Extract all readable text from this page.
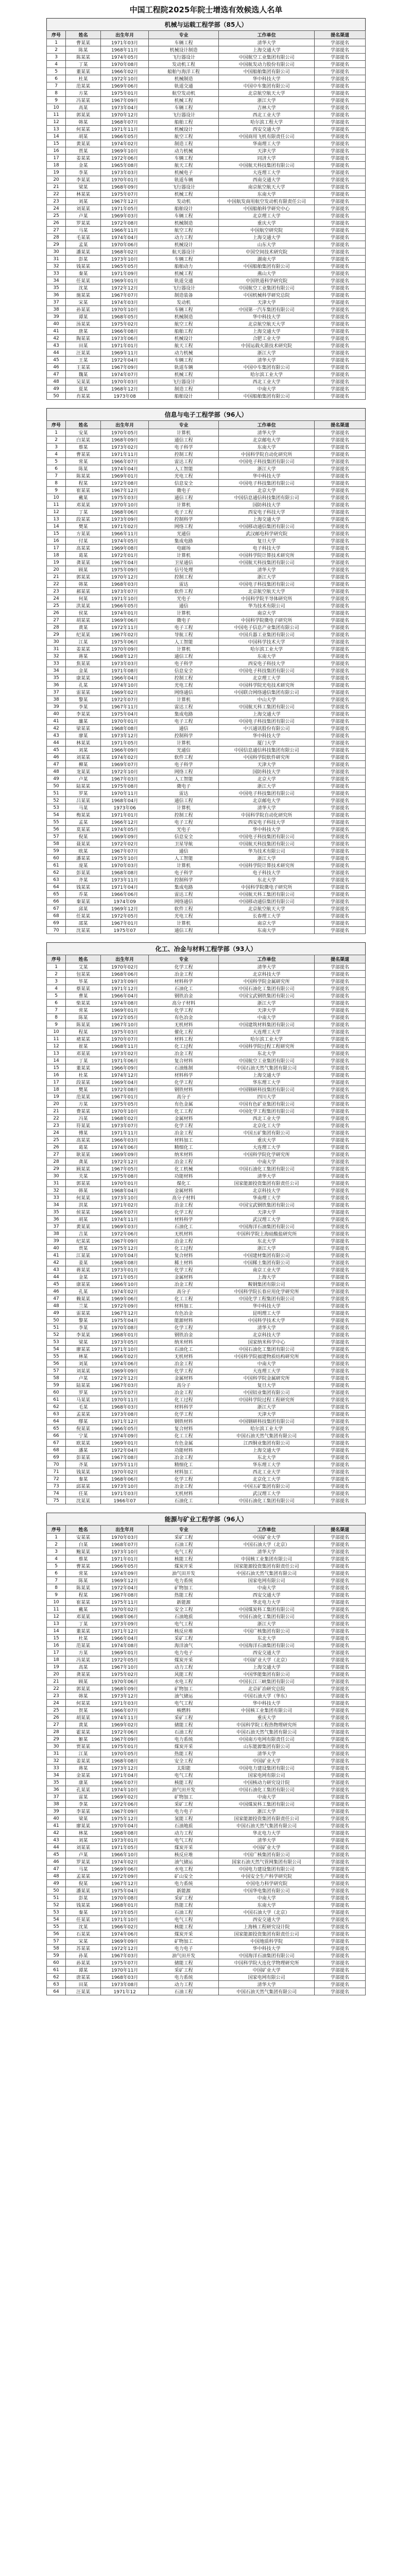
中国工程院2025年院士增选有效候选人名单
机械与运载工程学部（85人）
序号	姓名	出生年月	专业	工作单位	提名渠道
1	曹某某	1971年03月	车辆工程	清华大学	学部提名
2	陈某	1968年11月	机械设计制造	上海交通大学	学部提名
3	陈某某	1974年05月	飞行器设计	中国航空工业集团有限公司	学部提名
4	丁某	1970年08月	发动机工程	中国航发动力股份有限公司	学部提名
5	董某某	1966年02月	船舶与海洋工程	中国船舶集团有限公司	学部提名
6	杜某	1972年10月	机械制造	华中科技大学	学部提名
7	范某某	1969年06月	轨道交通	中国中车集团有限公司	学部提名
8	方某	1975年01月	航空发动机	北京航空航天大学	学部提名
9	冯某某	1967年09月	机械工程	浙江大学	学部提名
10	高某	1973年04月	车辆工程	吉林大学	学部提名
11	郭某某	1970年12月	飞行器设计	西北工业大学	学部提名
12	韩某	1968年07月	船舶工程	哈尔滨工程大学	学部提名
13	何某某	1971年11月	机械设计	西安交通大学	学部提名
14	胡某	1966年05月	航空工程	中国商用飞机有限责任公司	学部提名
15	黄某某	1974年02月	制造工程	华南理工大学	学部提名
16	贾某	1969年10月	动力机械	天津大学	学部提名
17	姜某某	1972年06月	车辆工程	同济大学	学部提名
18	金某	1965年08月	航天工程	中国航天科技集团有限公司	学部提名
19	李某	1973年03月	机械电子	大连理工大学	学部提名
20	李某某	1970年01月	轨道车辆	西南交通大学	学部提名
21	梁某	1968年09月	飞行器设计	南京航空航天大学	学部提名
22	林某某	1975年07月	机械工程	东南大学	学部提名
23	刘某	1967年12月	发动机	中国航发商用航空发动机有限责任公司	学部提名
24	刘某某	1971年05月	船舶设计	中国船舶科学研究中心	学部提名
25	卢某	1969年03月	车辆工程	北京理工大学	学部提名
26	罗某某	1972年08月	机械制造	重庆大学	学部提名
27	马某	1966年11月	航空工程	中国航空研究院	学部提名
28	毛某某	1974年04月	动力工程	上海交通大学	学部提名
29	孟某	1970年06月	机械设计	山东大学	学部提名
30	潘某某	1968年02月	航天器设计	中国空间技术研究院	学部提名
31	彭某	1973年10月	车辆工程	湖南大学	学部提名
32	钱某某	1965年05月	船舶动力	中国船舶集团有限公司	学部提名
33	秦某	1971年09月	机械工程	燕山大学	学部提名
34	任某某	1969年01月	轨道交通	中国铁道科学研究院	学部提名
35	沈某	1972年12月	飞行器设计	中国航空工业集团有限公司	学部提名
36	施某某	1967年07月	制造装备	中国机械科学研究总院	学部提名
37	宋某	1974年03月	发动机	天津大学	学部提名
38	孙某某	1970年10月	车辆工程	中国第一汽车集团有限公司	学部提名
39	谭某	1968年05月	机械制造	华中科技大学	学部提名
40	汤某某	1975年02月	航空工程	北京航空航天大学	学部提名
41	唐某	1966年08月	船舶工程	上海交通大学	学部提名
42	陶某某	1973年06月	机械设计	合肥工业大学	学部提名
43	田某	1971年01月	航天工程	中国运载火箭技术研究院	学部提名
44	汪某某	1969年11月	动力机械	浙江大学	学部提名
45	王某	1972年04月	车辆工程	清华大学	学部提名
46	王某某	1967年09月	轨道车辆	中国中车集团有限公司	学部提名
47	魏某	1974年07月	机械工程	哈尔滨工业大学	学部提名
48	吴某某	1970年03月	飞行器设计	西北工业大学	学部提名
49	夏某	1968年12月	制造工程	中南大学	学部提名
50	肖某某	1973年08	船舶设计	中国船舶集团有限公司	学部提名
信息与电子工程学部（96人）
序号	姓名	出生年月	专业	工作单位	提名渠道
1	安某	1970年05月	计算机	清华大学	学部提名
2	白某某	1968年09月	通信工程	北京邮电大学	学部提名
3	蔡某	1973年02月	电子科学	东南大学	学部提名
4	曹某某	1971年11月	控制工程	中国科学院自动化研究所	学部提名
5	常某	1966年07月	雷达工程	中国电子科技集团有限公司	学部提名
6	陈某	1974年04月	人工智能	浙江大学	学部提名
7	陈某某	1969年01月	光电工程	华中科技大学	学部提名
8	程某	1972年08月	信息安全	中国电子科技集团有限公司	学部提名
9	崔某某	1967年12月	微电子	北京大学	学部提名
10	戴某	1975年03月	通信工程	中国信息通信科技集团有限公司	学部提名
11	邓某某	1970年10月	计算机	国防科技大学	学部提名
12	丁某	1968年06月	电子工程	西安电子科技大学	学部提名
13	段某某	1973年09月	控制科学	上海交通大学	学部提名
14	樊某	1971年02月	网络工程	中国移动通信集团有限公司	学部提名
15	方某某	1966年11月	光通信	武汉邮电科学研究院	学部提名
16	付某	1974年05月	集成电路	复旦大学	学部提名
17	高某某	1969年08月	电磁场	电子科技大学	学部提名
18	葛某	1972年01月	计算机	中国科学院计算技术研究所	学部提名
19	龚某某	1967年04月	卫星通信	中国航天科技集团有限公司	学部提名
20	顾某	1975年09月	信号处理	清华大学	学部提名
21	郭某某	1970年12月	控制工程	浙江大学	学部提名
22	韩某	1968年03月	雷达	中国电子科技集团有限公司	学部提名
23	郝某某	1973年07月	软件工程	北京航空航天大学	学部提名
24	何某	1971年10月	光电子	中国科学院半导体研究所	学部提名
25	洪某某	1966年05月	通信	华为技术有限公司	学部提名
26	侯某	1974年01月	计算机	南京大学	学部提名
27	胡某某	1969年06月	微电子	中国科学院微电子研究所	学部提名
28	黄某	1972年11月	电子工程	中国电子信息产业集团有限公司	学部提名
29	纪某某	1967年02月	导航工程	中国兵器工业集团有限公司	学部提名
30	江某	1975年06月	人工智能	中国科学技术大学	学部提名
31	姜某某	1970年09月	计算机	哈尔滨工业大学	学部提名
32	蒋某	1968年12月	通信工程	东南大学	学部提名
33	焦某某	1973年03月	电子科学	西安电子科技大学	学部提名
34	金某	1971年08月	信息安全	中国电子科技集团有限公司	学部提名
35	康某某	1966年04月	控制工程	北京理工大学	学部提名
36	孔某	1974年10月	光电工程	中国科学院光电技术研究所	学部提名
37	雷某某	1969年02月	网络通信	中国联合网络通信集团有限公司	学部提名
38	黎某	1972年07月	计算机	中山大学	学部提名
39	李某	1967年11月	雷达工程	中国航天科工集团有限公司	学部提名
40	李某某	1975年04月	集成电路	上海交通大学	学部提名
41	廉某	1970年01月	电子工程	中国电子科技集团有限公司	学部提名
42	梁某某	1968年08月	通信	中兴通讯股份有限公司	学部提名
43	廖某	1973年12月	控制科学	华中科技大学	学部提名
44	林某某	1971年05月	计算机	厦门大学	学部提名
45	刘某	1966年09月	光通信	中国信息通信科技集团有限公司	学部提名
46	刘某某	1974年02月	软件工程	中国科学院软件研究所	学部提名
47	柳某	1969年07月	电子科学	天津大学	学部提名
48	龙某某	1972年10月	网络工程	国防科技大学	学部提名
49	卢某	1967年03月	人工智能	北京大学	学部提名
50	陆某某	1975年08月	微电子	浙江大学	学部提名
51	罗某	1970年11月	雷达	中国电子科技集团有限公司	学部提名
52	吕某某	1968年04月	通信工程	北京邮电大学	学部提名
53	马某	1973年06	计算机	清华大学	学部提名
54	梅某某	1971年01月	控制工程	中国科学院自动化研究所	学部提名
55	孟某	1966年12月	电子工程	西安电子科技大学	学部提名
56	莫某某	1974年05月	光电子	华中科技大学	学部提名
57	倪某	1969年09月	信息安全	中国电子科技集团有限公司	学部提名
58	聂某某	1972年02月	卫星导航	中国航天科技集团有限公司	学部提名
59	欧某	1967年07月	通信	华为技术有限公司	学部提名
60	潘某某	1975年10月	人工智能	浙江大学	学部提名
61	庞某	1970年03月	计算机	中国科学院计算技术研究所	学部提名
62	彭某某	1968年08月	电子科学	电子科技大学	学部提名
63	齐某	1973年11月	控制科学	东北大学	学部提名
64	钱某某	1971年04月	集成电路	中国科学院微电子研究所	学部提名
65	乔某	1966年06月	雷达工程	中国航天科工集团有限公司	学部提名
66	秦某某	1974年09	网络通信	中国移动通信集团有限公司	学部提名
67	邱某	1969年12月	软件工程	北京航空航天大学	学部提名
68	任某某	1972年05月	光电工程	长春理工大学	学部提名
69	邵某	1967年01月	计算机	南京大学	学部提名
70	沈某某	1975年07	通信工程	东南大学	学部提名
化工、冶金与材料工程学部（93人）
序号	姓名	出生年月	专业	工作单位	提名渠道
1	艾某	1970年02月	化学工程	清华大学	学部提名
2	包某某	1968年06月	冶金工程	北京科技大学	学部提名
3	毕某	1973年09月	材料科学	中国科学院金属研究所	学部提名
4	蔡某某	1971年12月	石油化工	中国石油化工集团有限公司	学部提名
5	曹某	1966年04月	钢铁冶金	中国宝武钢铁集团有限公司	学部提名
6	柴某某	1974年08月	高分子材料	浙江大学	学部提名
7	常某	1969年01月	化学工程	天津大学	学部提名
8	陈某	1972年05月	有色冶金	中南大学	学部提名
9	陈某某	1967年10月	无机材料	中国建筑材料集团有限公司	学部提名
10	程某	1975年03月	催化工程	大连理工大学	学部提名
11	褚某某	1970年07月	材料工程	哈尔滨工业大学	学部提名
12	崔某	1968年11月	化工过程	中国科学院过程工程研究所	学部提名
13	邓某某	1973年02月	冶金工程	东北大学	学部提名
14	丁某	1971年06月	复合材料	中国航空工业集团有限公司	学部提名
15	董某某	1966年09月	石油炼制	中国石油天然气集团有限公司	学部提名
16	杜某	1974年12月	材料科学	上海交通大学	学部提名
17	段某某	1969年04月	化学工程	华东理工大学	学部提名
18	樊某	1972年08月	钢铁材料	中国钢研科技集团有限公司	学部提名
19	范某某	1967年01月	高分子	四川大学	学部提名
20	方某	1975年05月	有色金属	中国有色矿业集团有限公司	学部提名
21	费某某	1970年10月	化工工程	中国化学工程集团有限公司	学部提名
22	冯某	1968年02月	金属材料	西北工业大学	学部提名
23	符某某	1973年07月	化学工程	北京化工大学	学部提名
24	傅某	1971年11月	冶金工程	中国五矿集团有限公司	学部提名
25	高某某	1966年03月	材料加工	重庆大学	学部提名
26	葛某	1974年06月	精细化工	大连理工大学	学部提名
27	耿某某	1969年09月	纳米材料	中国科学院化学研究所	学部提名
28	龚某	1972年12月	冶金工程	中南大学	学部提名
29	顾某某	1967年05月	化工机械	中国石油化工集团有限公司	学部提名
30	关某	1975年08月	功能材料	清华大学	学部提名
31	郭某某	1970年01月	煤化工	国家能源投资集团有限责任公司	学部提名
32	韩某	1968年04月	金属材料	北京科技大学	学部提名
33	何某某	1973年10月	高分子材料	华南理工大学	学部提名
34	洪某	1971年02月	冶金工程	中国宝武钢铁集团有限公司	学部提名
35	侯某某	1966年07月	化学工程	天津大学	学部提名
36	胡某	1974年11月	材料科学	武汉理工大学	学部提名
37	黄某某	1969年03月	石油化工	中国海洋石油集团有限公司	学部提名
38	吉某	1972年06月	无机材料	中国科学院上海硅酸盐研究所	学部提名
39	纪某某	1967年09月	冶金工程	东北大学	学部提名
40	贾某	1975年12月	化工过程	浙江大学	学部提名
41	江某某	1970年04月	复合材料	中国建材集团有限公司	学部提名
42	姜某	1968年08月	稀土材料	中国稀土集团有限公司	学部提名
43	蒋某某	1973年01月	化学工程	南京工业大学	学部提名
44	金某	1971年05月	金属材料	上海大学	学部提名
45	康某某	1966年10月	冶金工程	鞍钢集团有限公司	学部提名
46	孔某	1974年02月	高分子	中国科学院长春应用化学研究所	学部提名
47	赖某某	1969年06月	化工工程	中国化学工程集团有限公司	学部提名
48	兰某	1972年09月	材料加工	华中科技大学	学部提名
49	雷某某	1967年12月	有色冶金	昆明理工大学	学部提名
50	黎某	1975年04月	能源材料	中国科学技术大学	学部提名
51	李某	1970年08月	化学工程	清华大学	学部提名
52	李某某	1968年01月	钢铁冶金	北京科技大学	学部提名
53	梁某	1973年05月	纳米材料	国家纳米科学中心	学部提名
54	廖某某	1971年10月	石油化工	中国石油化工集团有限公司	学部提名
55	林某	1966年02月	无机材料	中国科学院福建物质结构研究所	学部提名
56	刘某	1974年06月	冶金工程	中南大学	学部提名
57	刘某某	1969年09月	化学工程	大连理工大学	学部提名
58	卢某	1972年12月	金属材料	中国科学院金属研究所	学部提名
59	陆某某	1967年03月	高分子	复旦大学	学部提名
60	罗某	1975年07月	冶金工程	中国铝业集团有限公司	学部提名
61	马某某	1970年11月	化工过程	中国科学院过程工程研究所	学部提名
62	毛某	1968年03月	材料科学	浙江大学	学部提名
63	孟某某	1973年08月	化学工程	天津大学	学部提名
64	缪某	1971年12月	钢铁材料	中国钢研科技集团有限公司	学部提名
65	倪某某	1966年05月	复合材料	哈尔滨工业大学	学部提名
66	宁某	1974年09月	化工工程	中国石油天然气集团有限公司	学部提名
67	欧某某	1969年01月	有色金属	江西铜业集团有限公司	学部提名
68	潘某	1972年04月	功能材料	上海交通大学	学部提名
69	彭某某	1967年08月	冶金工程	东北大学	学部提名
70	齐某	1975年11月	精细化工	华东理工大学	学部提名
71	钱某某	1970年02月	材料加工	西北工业大学	学部提名
72	秦某	1968年06月	化学工程	北京化工大学	学部提名
73	邱某某	1973年10月	冶金工程	中国五矿集团有限公司	学部提名
74	任某	1971年03月	无机材料	武汉理工大学	学部提名
75	沈某某	1966年07	石油化工	中国石油化工集团有限公司	学部提名
能源与矿业工程学部（96人）
序号	姓名	出生年月	专业	工作单位	提名渠道
1	安某某	1970年03月	采矿工程	中国矿业大学	学部提名
2	白某	1968年07月	石油工程	中国石油大学（北京）	学部提名
3	鲍某某	1973年10月	电气工程	清华大学	学部提名
4	蔡某	1971年01月	核能工程	中国核工业集团有限公司	学部提名
5	曹某某	1966年05月	煤炭开采	国家能源投资集团有限责任公司	学部提名
6	常某	1974年09月	油气田开发	中国石油天然气集团有限公司	学部提名
7	陈某	1969年12月	电力系统	国家电网有限公司	学部提名
8	陈某某	1972年04月	矿物加工	中南大学	学部提名
9	程某	1967年08月	热能工程	西安交通大学	学部提名
10	崔某某	1975年11月	新能源	华北电力大学	学部提名
11	戴某	1970年02月	安全工程	中国煤炭科工集团有限公司	学部提名
12	邓某某	1968年06月	石油地质	中国石油化工集团有限公司	学部提名
13	丁某	1973年09月	电气工程	浙江大学	学部提名
14	董某某	1971年12月	核反应堆	中国广核集团有限公司	学部提名
15	杜某	1966年04月	采矿工程	东北大学	学部提名
16	范某某	1974年08月	海洋油气	中国海洋石油集团有限公司	学部提名
17	方某	1969年01月	电力电子	西安交通大学	学部提名
18	冯某某	1972年05月	煤炭开采	中国矿业大学（北京）	学部提名
19	高某	1967年10月	动力工程	上海交通大学	学部提名
20	龚某某	1975年02月	风能工程	中国华能集团有限公司	学部提名
21	顾某	1970年06月	水电工程	中国长江三峡集团有限公司	学部提名
22	郭某某	1968年09月	矿物加工	北京矿冶研究总院	学部提名
23	韩某	1973年12月	油气储运	中国石油大学（华东）	学部提名
24	何某某	1971年03月	电气工程	华中科技大学	学部提名
25	贺某	1966年07月	核燃料	中国核工业集团有限公司	学部提名
26	胡某某	1974年11月	采矿工程	重庆大学	学部提名
27	黄某	1969年02月	储能工程	中国科学院工程热物理研究所	学部提名
28	霍某某	1972年06月	石油工程	中国石油天然气集团有限公司	学部提名
29	姬某	1967年09月	电力系统	中国南方电网有限责任公司	学部提名
30	贾某某	1975年01月	煤炭开采	山东能源集团有限公司	学部提名
31	江某	1970年05月	热能工程	清华大学	学部提名
32	姜某某	1968年08月	安全工程	中国矿业大学	学部提名
33	蒋某	1973年12月	太阳能	中国电力建设集团有限公司	学部提名
34	金某某	1971年04月	电气工程	国家电网有限公司	学部提名
35	康某	1966年07月	核能工程	中国核动力研究设计院	学部提名
36	孔某某	1974年10月	油气田开发	中国石油化工集团有限公司	学部提名
37	雷某	1969年02月	矿物加工	中南大学	学部提名
38	李某	1972年06月	采矿工程	中国煤炭科工集团有限公司	学部提名
39	李某某	1967年09月	电力电子	浙江大学	学部提名
40	梁某	1975年12月	氢能工程	国家能源投资集团有限责任公司	学部提名
41	廖某某	1970年04月	石油地质	中国石油天然气集团有限公司	学部提名
42	林某	1968年08月	动力工程	华北电力大学	学部提名
43	刘某	1973年01月	电气工程	清华大学	学部提名
44	刘某某	1971年05月	煤炭开采	中国矿业大学	学部提名
45	卢某	1966年10月	核反应堆	中国广核集团有限公司	学部提名
46	罗某某	1974年02月	油气储运	国家石油天然气管网集团有限公司	学部提名
47	马某	1969年06月	水电工程	中国电力建设集团有限公司	学部提名
48	孟某某	1972年09月	矿山安全	中国安全生产科学研究院	学部提名
49	倪某	1967年12月	电力系统	中国电力科学研究院	学部提名
50	潘某某	1975年04月	新能源	中国华电集团有限公司	学部提名
51	彭某	1970年08月	采矿工程	中南大学	学部提名
52	钱某某	1968年01月	热能工程	东南大学	学部提名
53	秦某	1973年05月	石油工程	中国石油大学（北京）	学部提名
54	任某某	1971年10月	电气工程	西安交通大学	学部提名
55	沈某	1966年02月	核能工程	上海核工程研究设计院	学部提名
56	石某某	1974年06月	煤炭开采	国家能源投资集团有限责任公司	学部提名
57	宋某	1969年09月	矿物加工	中国地质科学院	学部提名
58	苏某某	1972年12月	电力电子	华中科技大学	学部提名
59	孙某	1967年03月	油气田开发	中国海洋石油集团有限公司	学部提名
60	孙某某	1975年07月	储能工程	中国科学院大连化学物理研究所	学部提名
61	谭某	1970年11月	采矿工程	中国矿业大学	学部提名
62	唐某某	1968年03月	电力系统	国家电网有限公司	学部提名
63	田某	1973年08月	动力工程	清华大学	学部提名
64	汪某某	1971年12	石油工程	中国石油天然气集团有限公司	学部提名
